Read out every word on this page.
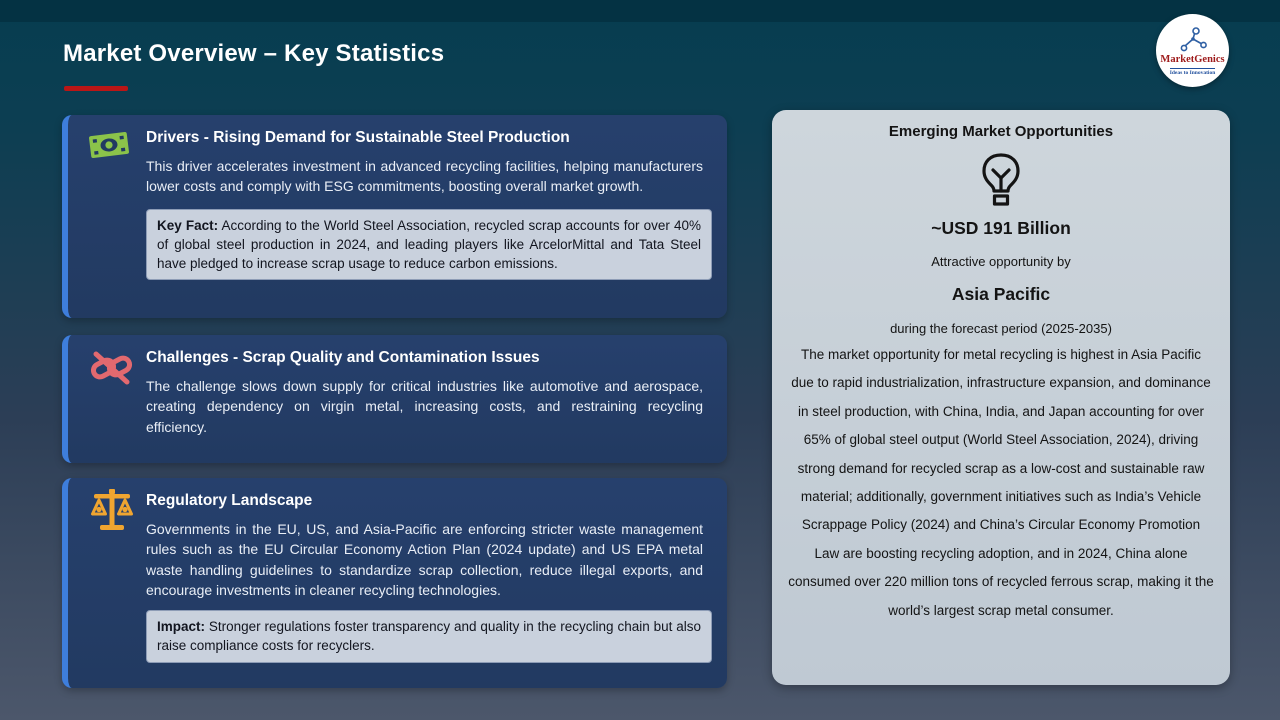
Market Overview – Key Statistics	MarketGenics
Ideas to Innovation
Drivers - Rising Demand for Sustainable Steel Production

This driver accelerates investment in advanced recycling facilities, helping manufacturers lower costs and comply with ESG commitments, boosting overall market growth.

Key Fact: According to the World Steel Association, recycled scrap accounts for over 40% of global steel production in 2024, and leading players like ArcelorMittal and Tata Steel have pledged to increase scrap usage to reduce carbon emissions.
Challenges - Scrap Quality and Contamination Issues

The challenge slows down supply for critical industries like automotive and aerospace, creating dependency on virgin metal, increasing costs, and restraining recycling efficiency.

Regulatory Landscape

Governments in the EU, US, and Asia-Pacific are enforcing stricter waste management rules such as the EU Circular Economy Action Plan (2024 update) and US EPA metal waste handling guidelines to standardize scrap collection, reduce illegal exports, and encourage investments in cleaner recycling technologies.

Impact: Stronger regulations foster transparency and quality in the recycling chain but also raise compliance costs for recyclers.

Emerging Market Opportunities

~USD 191 Billion
Attractive opportunity by
Asia Pacific
during the forecast period (2025-2035)
The market opportunity for metal recycling is highest in Asia Pacific due to rapid industrialization, infrastructure expansion, and dominance in steel production, with China, India, and Japan accounting for over 65% of global steel output (World Steel Association, 2024), driving strong demand for recycled scrap as a low-cost and sustainable raw material; additionally, government initiatives such as India’s Vehicle Scrappage Policy (2024) and China’s Circular Economy Promotion Law are boosting recycling adoption, and in 2024, China alone consumed over 220 million tons of recycled ferrous scrap, making it the world’s largest scrap metal consumer.
